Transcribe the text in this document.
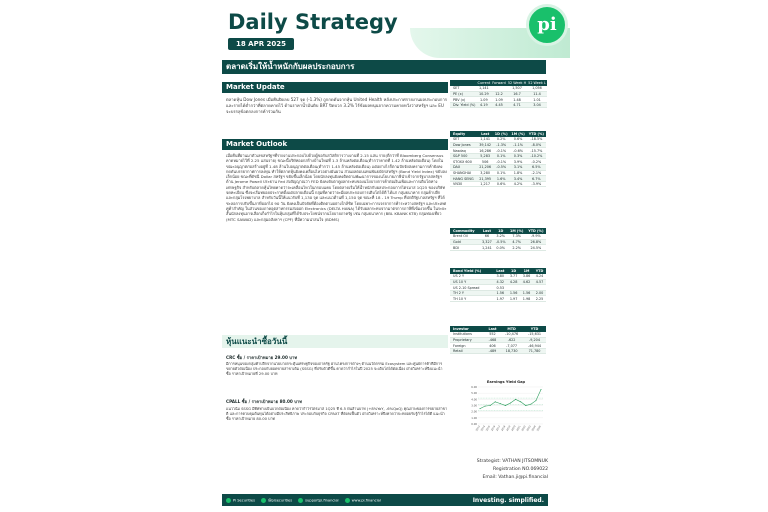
Daily Strategy
18 APR 2025
pi
ตลาดเริ่มให้น้ำหนักกับผลประกอบการ
Market Update
ตลาดหุ้น Dow Jones เมื่อคืนปิดลบ 527 จุด (-1.3%) ถูกกดดันจากหุ้น United Health หลังประกาศรายงานผลประกอบการและรายได้ต่ำกว่าที่ตลาดคาดไว้ ด้านราคาน้ำมันดิบ BRT ปิดบวก 3.2% ไร้ข้อผลหนุนจากความคาดหวังว่าสหรัฐฯ และ EU จะบรรลุข้อตกลงการค้าร่วมกัน
Market Outlook
เมื่อคืนที่ผ่านมาตัวเลขสหรัฐฯที่รายงานประกอบไปด้วยผู้ขอรับสวัสดิการว่างงานที่ 2.15 แสน ราย(ดีกว่าที่ Bloomberg Consensus คาดหมายไว้ที่ 2.25 แสนราย) ขณะนี้บริษัทออกสร้างบ้านใหม่ที่ 1.3 ล้านหลังต่อเดือน(ต่ำกว่าคาดที่ 1.42 ล้านหลังต่อเดือน) โดยในขณะอนุญาตก่อสร้างอยู่ที่ 1.48 ล้านใบอนุญาตต่อเดือน(ต่ำกว่า 1.45 ล้านหลังต่อเดือน) แต่อย่างไรก็ตามปัจจัยสงครามการค้ายังคงกดดันบรรยากาศการลงทุน ทำให้ตลาดหุ้นยังคงเคลื่อนไหวอย่างผันผวน ส่วนผลตอบแทนพันธบัตรสหรัฐฯ (Bond Yield Index) ขยับลงเล็กน้อย ขณะที่ดัชนี Dollar สหรัฐฯ ขยับขึ้นเล็กน้อย โดยนักลงทุนยังคงติดตามพัฒนาการของนโยบายภาษีนำเข้าจากรัฐบาลสหรัฐฯ ด้าน Jerome Powell ประธาน Fed ส่งสัญญาณว่า FED ยังคงจับตาดูผลกระทบของนโยบายการค้าต่อเงินเฟ้อและการเติบโตทางเศรษฐกิจ สำหรับตลาดหุ้นไทยคาดว่าจะเคลื่อนไหวในกรอบแคบ โดยตลาดเริ่มให้น้ำหนักกับผลประกอบการไตรมาส 1Q25 ของบริษัทจดทะเบียน ซึ่งจะเริ่มทยอยประกาศตั้งแต่ปลายเดือนนี้ กลุ่มที่คาดว่าจะมีผลประกอบการเติบโตได้ดี ได้แก่ กลุ่มธนาคาร กลุ่มค้าปลีก และกลุ่มโรงพยาบาล สำหรับวันนี้ให้แนวรับที่ 1,130 จุด และแนวต้านที่ 1,150 จุด ขณะที่ 18 - 19 Trump ที่ปกติรัฐบาลสหรัฐฯ ที่ได้ชะลอการปรับขึ้นภาษีออกไป 90 วัน ยังคงเป็นปัจจัยที่ต้องติดตามอย่างใกล้ชิด โดยเฉพาะการเจรจาการค้าระหว่างสหรัฐฯ และประเทศคู่ค้าสำคัญ ในส่วนของภาคอุตสาหกรรมส่งออก Electronics (DELTA HANA) ได้รับผลกระทบจากมาตรการภาษีที่เข้มงวดขึ้น ในระยะสั้นนักลงทุนอาจเลือกเก็งกำไรในหุ้นกลุ่มที่ได้รับประโยชน์จากนโยบายภาครัฐ เช่น กลุ่มธนาคาร (BBL KBANK KTB) กลุ่มท่องเที่ยว (MTC SAWAD) และกลุ่มอสังหาฯ (CPF) ที่มีความน่าสนใจ (BDMS)
หุ้นแนะนำซื้อวันนี้
CRC ซื้อ / ราคาเป้าหมาย 29.00 บาท
มีการหนุนของกลุ่มค้าปลีกจากนโยบายกระตุ้นเศรษฐกิจของภาครัฐ ผ่านโครงการต่างๆ ด้านนวัตกรรม Ecosystem และศูนย์การค้าที่มีการขยายตัวต่อเนื่อง ประกอบกับยอดขายสาขาเดิม (SSSG) ที่ปรับตัวดีขึ้น คาดว่ากำไรในปี 2025 จะเติบโตได้ต่อเนื่อง ฝ่ายวิเคราะห์จึงแนะนำ ซื้อ ราคาเป้าหมายที่ 29.00 บาท
CPALL ซื้อ / ราคาเป้าหมาย 80.00 บาท
แนวโน้ม SSSG มีทิศทางเป็นบวกต่อเนื่อง คาดว่ากำไรไตรมาส 1Q25 ที่ 6.5 พันล้านบาท (+8%YoY, -6%QoQ) คุณภาพของการขยายสาขาดี และการควบคุมต้นทุนได้อย่างมีประสิทธิภาพ ประกอบกับธุรกิจ CPAXT ที่ยังคงฟื้นตัว ฝ่ายวิเคราะห์จึงคาดว่าจะทยอยรับรู้กำไรได้ดี แนะนำ ซื้อ ราคาเป้าหมาย 80.00 บาท
	Current	Forward	52 Week H	52 Week L
SET	1,141		1,507	1,056
PE (x)	10.29	12.2	16.7	11.4
PBV (x)	1.09	1.09	1.48	1.01
Div. Yield (%)	4.19	4.45	4.71	3.04
Equity	Last	1D (%)	1M (%)	YTD (%)
SET	1,141	0.2%	0.6%	-18.5%
Dow Jones	39,142	-1.3%	-1.1%	-8.0%
Nasdaq	16,286	-0.1%	-0.6%	-15.7%
S&P 500	5,283	0.1%	0.3%	-10.2%
STOXX 600	506	-0.1%	3.9%	-0.2%
DAX	21,206	-0.5%	3.1%	6.5%
SHANGHAI	3,280	0.1%	1.8%	-2.1%
HANG SENG	21,395	1.6%	3.4%	6.7%
VN30	1,217	0.6%	4.2%	-3.9%
Commodity	Last	1D	1M (%)	YTD (%)
Brent Oil	66	3.2%	7.3%	-9.9%
Gold	3,327	-0.5%	4.7%	26.8%
BDI	1,241	0.0%	2.2%	24.5%
Bond Yield (%)	Last	1D	1M	YTD
US 2 Y	3.80	3.77	3.86	4.24
US 10 Y	4.32	4.28	4.62	4.57
US 2-10 Spread	0.53			
TH 2 Y	1.56	1.56	1.56	2.00
TH 10 Y	1.97	1.97	1.98	2.25
Investor	Last	MTD	YTD
Institutions	552	-10,476	-15,631
Proprietary	-468	-622	-9,204
Foreign	406	-7,077	-46,944
Retail	-489	18,730	71,780
Earnings Yield Gap
6.00
5.00
4.00
3.00
2.00
1.00
0.00
2013 2014 2015 2016 2017 2018 2019 2020 2021 2022 2023 2024 2025
Strategist: VATHAN JITSOMNUK
Registration NO.069022
Email: Vathan.ji@pi.financial
Pi Securities	@pisecurities	supportpi.financial	www.pi.financial	Investing. simplified.
